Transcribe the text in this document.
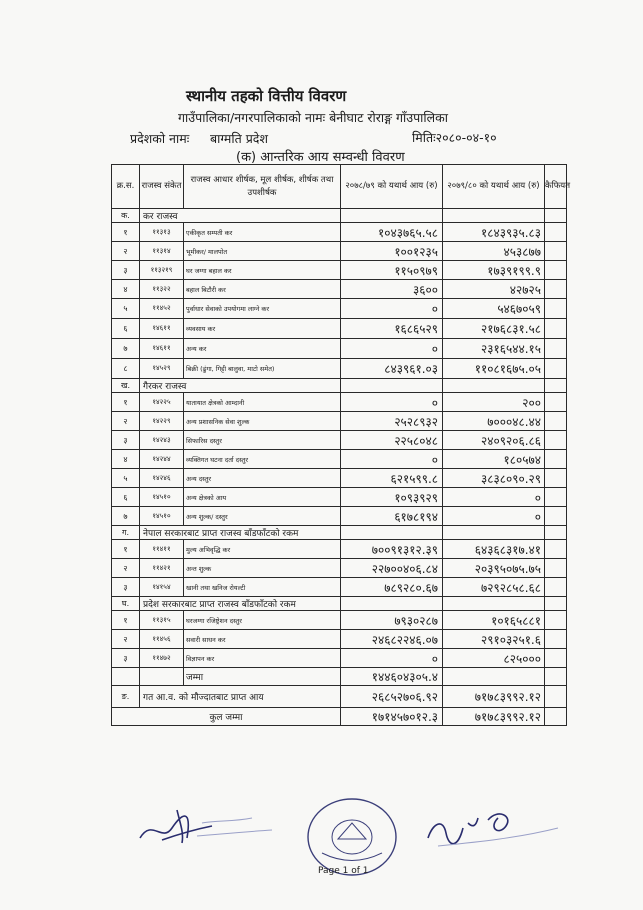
स्थानीय तहको वित्तीय विवरण
गाउँपालिका/नगरपालिकाको नामः बेनीघाट रोराङ्ग गाँउपालिका
प्रदेशको नामः बाग्मति प्रदेश	मितिः२०८०-०४-१०
(क) आन्तरिक आय सम्वन्धी विवरण
क्र.स.	राजस्व संकेत	राजस्व आधार शीर्षक, मूल शीर्षक, शीर्षक तथा उपशीर्षक	२०७८/७९ को यथार्थ आय (रु)	२०७९/८० को यथार्थ आय (रु)	कैफियत
क.	कर राजस्व				
१	११३१३	एकीकृत सम्पती कर	१०४३७६५.५८	१८४३९३५.८३	
२	११३१४	भूमीकर/ मालपोत	१००१२३५	४५३८७७	
३	११३२१९	घर जग्गा बहाल कर	११५०९७९	१७३९१९९.९	
४	११३२२	बहाल बिटौरी कर	३६००	४२७२५	
५	११४५२	पुर्वाधार सेवाको उपयोगमा लाग्ने कर	०	५४६७०५९	
६	१४६११	व्यवसाय कर	१६८६५२९	२१७६८३१.५८	
७	१४६११	अन्य कर	०	२३१६५४४.१५	
८	१४५२९	बिक्री (ढुंगा, गिट्टी बालुवा, माटो समेत)	८४३९६१.०३	११०८१६७५.०५	
ख.	गैरकर राजस्व				
१	१४२२५	यातायात क्षेत्रको आम्दानी	०	२००	
२	१४२२९	अन्य प्रशासनिक सेवा शुल्क	२५२८९३२	७०००४८.४४	
३	१४२४३	सिफारिस दस्तुर	२२५८०४८	२४०९२०६.८६	
४	१४२४४	व्यक्तिगत घटना दर्ता दस्तुर	०	१८०५७४	
५	१४२४६	अन्य दस्तुर	६२१५९९.८	३८३८०९०.२९	
६	१४५१०	अन्य क्षेत्रको आय	१०९३९२९	०	
७	१४५१०	अन्य शुल्क/ दस्तुर	६१७८१९४	०	
ग.	नेपाल सरकारबाट प्राप्त राजस्व बाँडफाँटको रकम				
१	११४११	मुल्य अभिवृद्धि कर	७००९१३१२.३९	६४३६८३१७.४१	
२	११४२१	अन्त शुल्क	२२७००४०६.८४	२०३९५०७५.७५	
३	१४१५४	खानी तथा खनिज रोयल्टी	७८९२८०.६७	७२९२८५८.६८	
घ.	प्रदेश सरकारबाट प्राप्त राजस्व बाँडफाँटको रकम				
१	११३१५	घरजग्गा रजिष्ट्रेशन दस्तुर	७९३०२८७	१०१६५८८१	
२	११४५६	सवारी साधन कर	२४६८२२४६.०७	२९१०३२५१.६	
३	११४७२	विज्ञापन कर	०	८२५०००	
		जम्मा	१४४६०४३०५.४		
ङ.	गत आ.व. को मौज्दातबाट प्राप्त आय		२६८५२७०६.९२	७१७८३९९२.१२	
कुल जम्मा			१७१४५७०१२.३	७१७८३९९२.१२	
Page 1 of 1
